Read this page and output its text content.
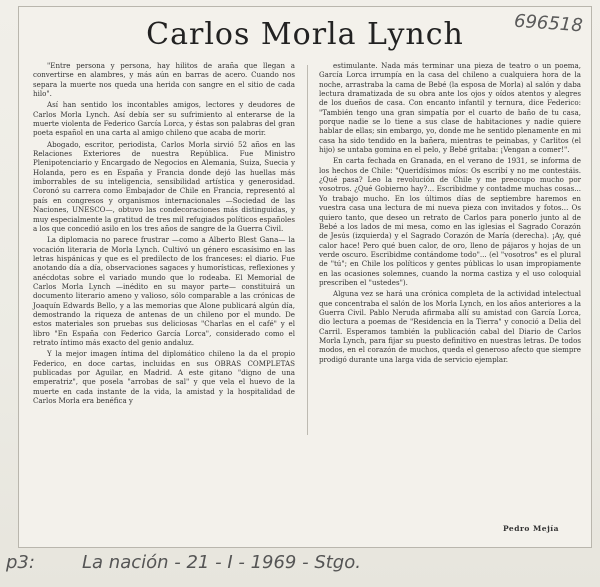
Carlos Morla Lynch	696518

"Entre persona y persona, hay hilitos de araña que llegan a convertirse en alambres, y más aún en barras de acero. Cuando nos separa la muerte nos queda una herida con sangre en el sitio de cada hilo".

Así han sentido los incontables amigos, lectores y deudores de Carlos Morla Lynch. Así debía ser su sufrimiento al enterarse de la muerte violenta de Federico García Lorca, y éstas son palabras del gran poeta español en una carta al amigo chileno que acaba de morir.

Abogado, escritor, periodista, Carlos Morla sirvió 52 años en las Relaciones Exteriores de nuestra República. Fue Ministro Plenipotenciario y Encargado de Negocios en Alemania, Suiza, Suecia y Holanda, pero es en España y Francia donde dejó las huellas más imborrables de su inteligencia, sensibilidad artística y generosidad. Coronó su carrera como Embajador de Chile en Francia, representó al país en congresos y organismos internacionales —Sociedad de las Naciones, UNESCO—, obtuvo las condecoraciones más distinguidas, y muy especialmente la gratitud de tres mil refugiados políticos españoles a los que concedió asilo en los tres años de sangre de la Guerra Civil.

La diplomacia no parece frustrar —como a Alberto Blest Gana— la vocación literaria de Morla Lynch. Cultivó un género escasísimo en las letras hispánicas y que es el predilecto de los franceses: el diario. Fue anotando día a día, observaciones sagaces y humorísticas, reflexiones y anécdotas sobre el variado mundo que lo rodeaba. El Memorial de Carlos Morla Lynch —inédito en su mayor parte— constituirá un documento literario ameno y valioso, sólo comparable a las crónicas de Joaquín Edwards Bello, y a las memorias que Alone publicará algún día, demostrando la riqueza de antenas de un chileno por el mundo. De estos materiales son pruebas sus deliciosas "Charlas en el café" y el libro "En España con Federico García Lorca", considerado como el retrato íntimo más exacto del genio andaluz.

Y la mejor imagen íntima del diplomático chileno la da el propio Federico, en doce cartas, incluidas en sus OBRAS COMPLETAS publicadas por Aguilar, en Madrid. A este gitano "digno de una emperatriz", que posela "arrobas de sal" y que vela el huevo de la muerte en cada instante de la vida, la amistad y la hospitalidad de Carlos Morla era benéfica y

estimulante. Nada más terminar una pieza de teatro o un poema, García Lorca irrumpía en la casa del chileno a cualquiera hora de la noche, arrastraba la cama de Bebé (la esposa de Morla) al salón y daba lectura dramatizada de su obra ante los ojos y oídos atentos y alegres de los dueños de casa. Con encanto infantil y ternura, dice Federico: "También tengo una gran simpatía por el cuarto de baño de tu casa, porque nadie se lo tiene a sus clase de habitaciones y nadie quiere hablar de ellas; sin embargo, yo, donde me he sentido plenamente en mi casa ha sido tendido en la bañera, mientras te peinabas, y Carlitos (el hijo) se untaba gomina en el pelo, y Bebé gritaba: ¡Vengan a comer!".

En carta fechada en Granada, en el verano de 1931, se informa de los hechos de Chile: "Queridísimos míos: Os escribí y no me contestáis. ¿Qué pasa? Leo la revolución de Chile y me preocupo mucho por vosotros. ¿Qué Gobierno hay?... Escribidme y contadme muchas cosas... Yo trabajo mucho. En los últimos días de septiembre haremos en vuestra casa una lectura de mi nueva pieza con invitados y fotos... Os quiero tanto, que deseo un retrato de Carlos para ponerlo junto al de Bebé a los lados de mi mesa, como en las iglesias el Sagrado Corazón de Jesús (izquierda) y el Sagrado Corazón de María (derecha). ¡Ay, qué calor hace! Pero qué buen calor, de oro, lleno de pájaros y hojas de un verde oscuro. Escribidme contándome todo"... (el "vosotros" es el plural de "tú"; en Chile los políticos y gentes públicas lo usan impropiamente en las ocasiones solemnes, cuando la norma castiza y el uso coloquial prescriben el "ustedes").

Alguna vez se hará una crónica completa de la actividad intelectual que concentraba el salón de los Morla Lynch, en los años anteriores a la Guerra Civil. Pablo Neruda afirmaba allí su amistad con García Lorca, dio lectura a poemas de "Residencia en la Tierra" y conoció a Delia del Carril. Esperamos también la publicación cabal del Diario de Carlos Morla Lynch, para fijar su puesto definitivo en nuestras letras. De todos modos, en el corazón de muchos, queda el generoso afecto que siempre prodigó durante una larga vida de servicio ejemplar.

Pedro Mejía
p3:	La nación - 21 - I - 1969 - Stgo.
